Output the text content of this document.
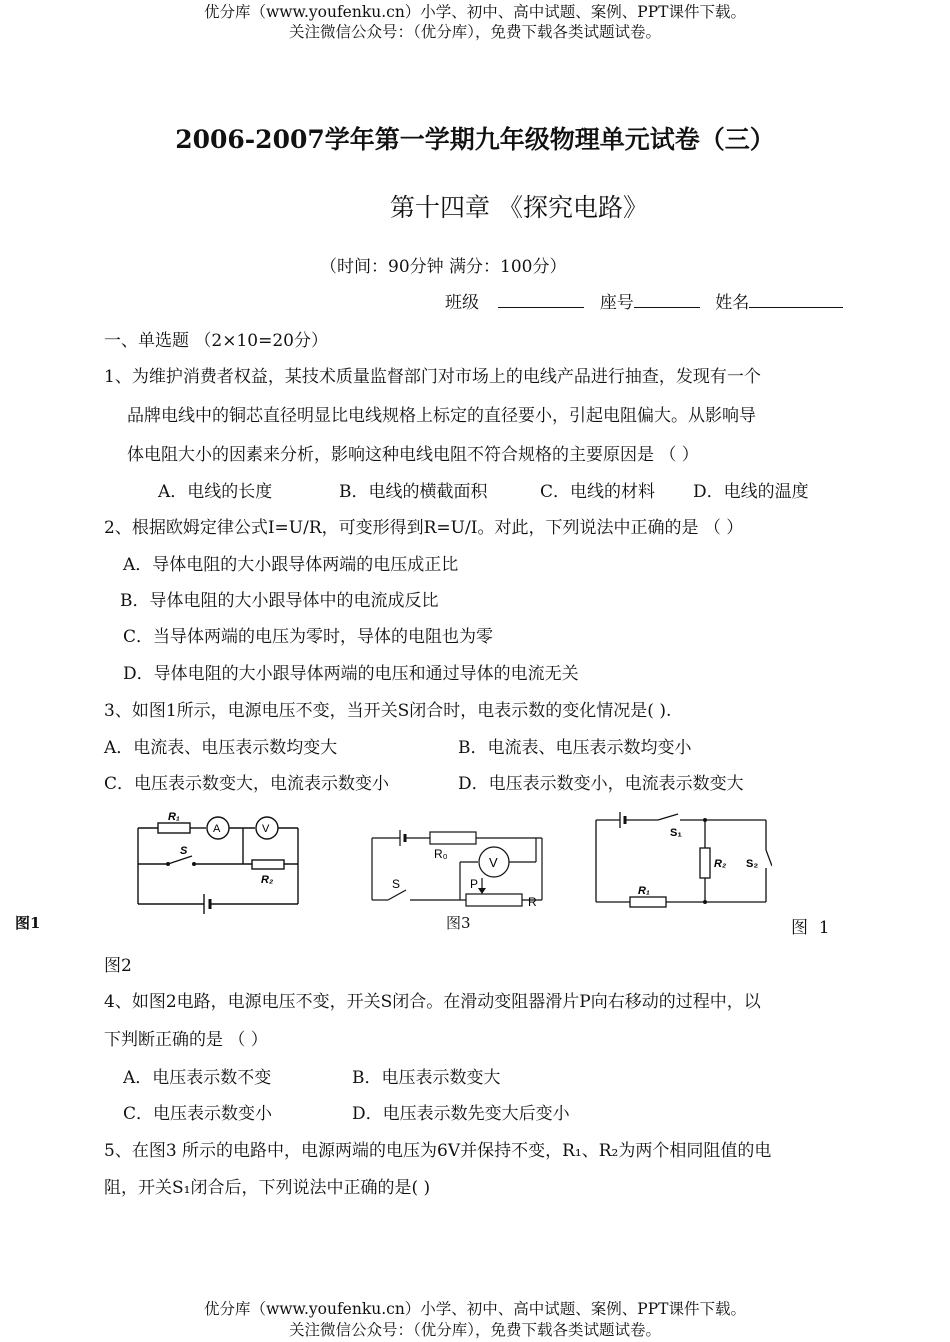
优分库（www.youfenku.cn）小学、初中、高中试题、案例、PPT课件下载。
关注微信公众号：（优分库），免费下载各类试题试卷。
2006-2007学年第一学期九年级物理单元试卷（三）
第十四章 《探究电路》
（时间：90分钟 满分：100分）
班级	座号	姓名
一、单选题 （2×10=20分）
1、为维护消费者权益，某技术质量监督部门对市场上的电线产品进行抽查，发现有一个
品牌电线中的铜芯直径明显比电线规格上标定的直径要小，引起电阻偏大。从影响导
体电阻大小的因素来分析，影响这种电线电阻不符合规格的主要原因是 （ ）
A．电线的长度	B．电线的横截面积	C．电线的材料 D．电线的温度
2、根据欧姆定律公式I=U/R，可变形得到R=U/I。对此，下列说法中正确的是 （ ）
A．导体电阻的大小跟导体两端的电压成正比
B．导体电阻的大小跟导体中的电流成反比
C．当导体两端的电压为零时，导体的电阻也为零
D．导体电阻的大小跟导体两端的电压和通过导体的电流无关
3、如图1所示，电源电压不变，当开关S闭合时，电表示数的变化情况是( ).
A．电流表、电压表示数均变大	B．电流表、电压表示数均变小
C．电压表示数变大，电流表示数变小	D．电压表示数变小，电流表示数变大
R₁
A	V
S
R₂
R₀
V
P
R
S
S₁
R₂ S₂
R₁
图1	图3	图  1
图2
4、如图2电路，电源电压不变，开关S闭合。在滑动变阻器滑片P向右移动的过程中，以
下判断正确的是 （ ）
A．电压表示数不变	B．电压表示数变大
C．电压表示数变小	D．电压表示数先变大后变小
5、在图3 所示的电路中，电源两端的电压为6V并保持不变，R₁、R₂为两个相同阻值的电
阻，开关S₁闭合后，下列说法中正确的是( )
优分库（www.youfenku.cn）小学、初中、高中试题、案例、PPT课件下载。
关注微信公众号：（优分库），免费下载各类试题试卷。
